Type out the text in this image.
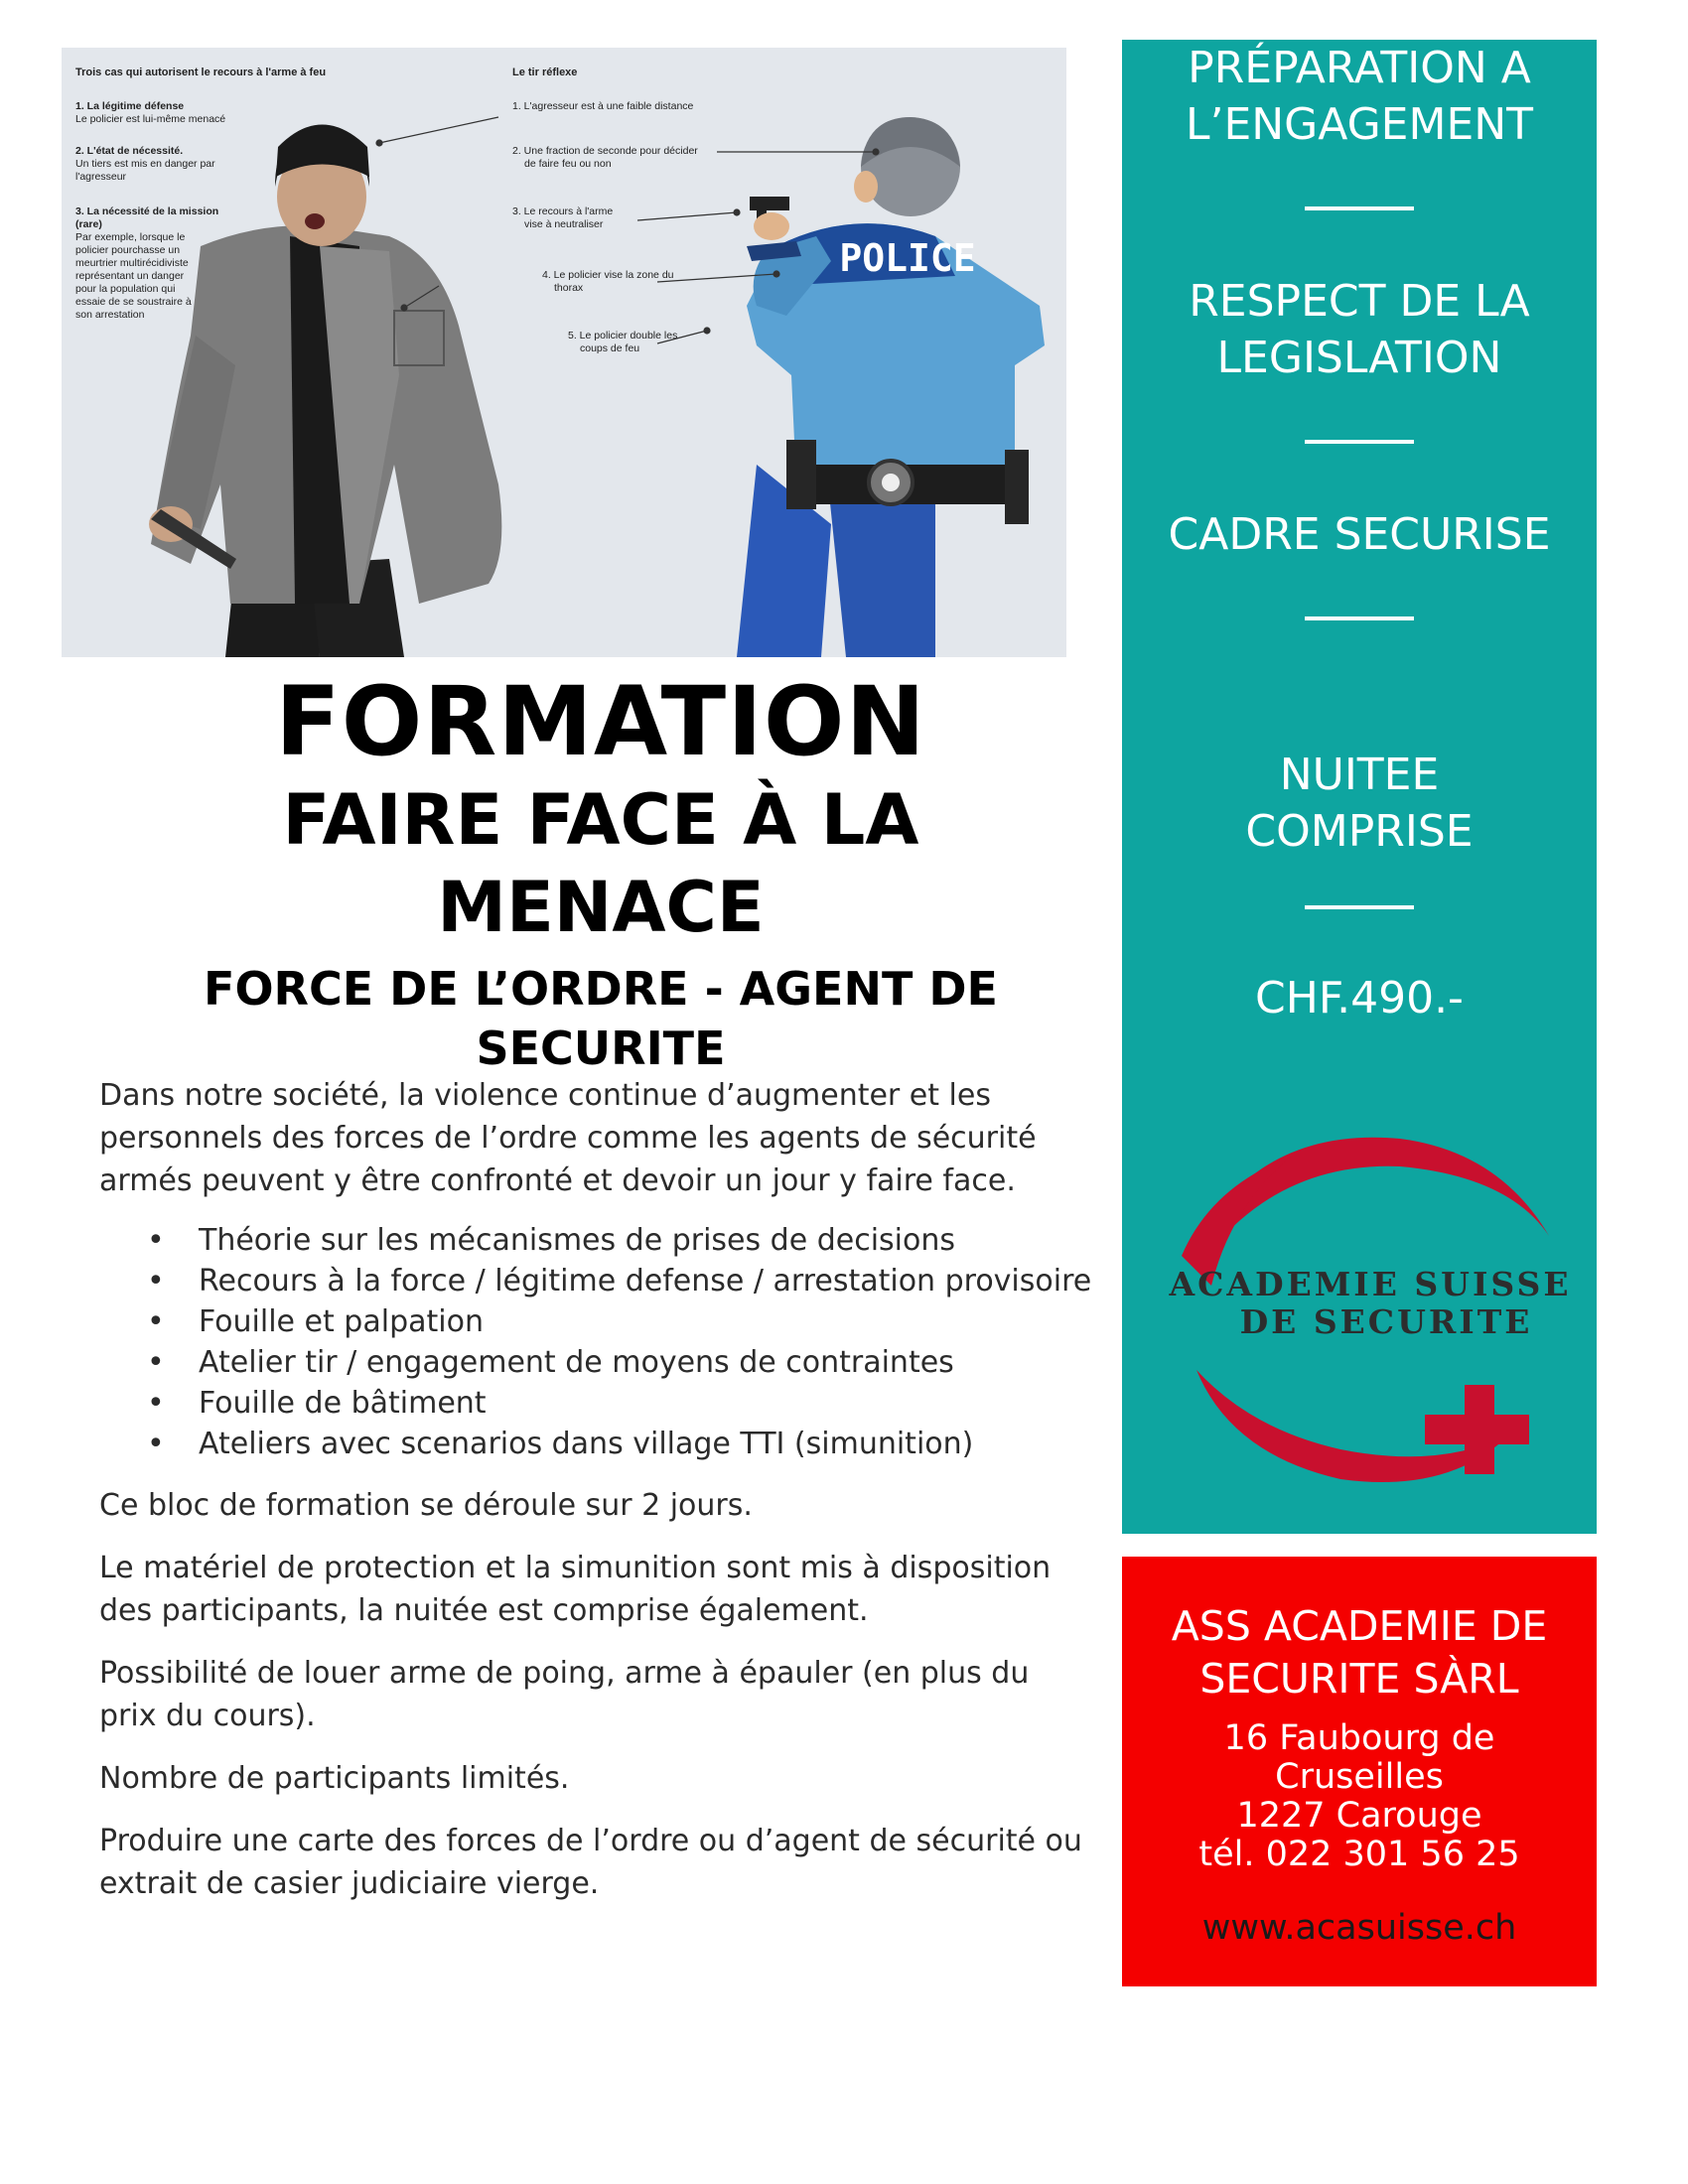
POLICE
Trois cas qui autorisent le recours à l'arme à feu
1. La légitime défense
Le policier est lui-même menacé
2. L'état de nécessité.
Un tiers est mis en danger par
l'agresseur
3. La nécessité de la mission
(rare)
Par exemple, lorsque le
policier pourchasse un
meurtrier multirécidiviste
représentant un danger
pour la population qui
essaie de se soustraire à
son arrestation
Le tir réflexe
1. L'agresseur est à une faible distance
2. Une fraction de seconde pour décider
de faire feu ou non
3. Le recours à l'arme
vise à neutraliser
4. Le policier vise la zone du
thorax
5. Le policier double les
coups de feu
FORMATION
FAIRE FACE À LA MENACE
FORCE DE L’ORDRE - AGENT DE SECURITE

Dans notre société, la violence continue d’augmenter et les personnels des forces de l’ordre comme les agents de sécurité armés peuvent y être confronté et devoir un jour y faire face.

• Théorie sur les mécanismes de prises de decisions
• Recours à la force / légitime defense / arrestation provisoire
• Fouille et palpation
• Atelier tir / engagement de moyens de contraintes
• Fouille de bâtiment
• Ateliers avec scenarios dans village TTI (simunition)

Ce bloc de formation se déroule sur 2 jours.

Le matériel de protection et la simunition sont mis à disposition des participants, la nuitée est comprise également.

Possibilité de louer arme de poing, arme à épauler (en plus du prix du cours).

Nombre de participants limités.

Produire une carte des forces de l’ordre ou d’agent de sécurité ou extrait de casier judiciaire vierge.

PRÉPARATION A
L’ENGAGEMENT
RESPECT DE LA
LEGISLATION
CADRE SECURISE
NUITEE
COMPRISE
CHF.490.-
ACADEMIE SUISSE
DE SECURITE
ASS ACADEMIE DE SECURITE SÀRL

16 Faubourg de

Cruseilles

1227 Carouge

tél. 022 301 56 25

www.acasuisse.ch
